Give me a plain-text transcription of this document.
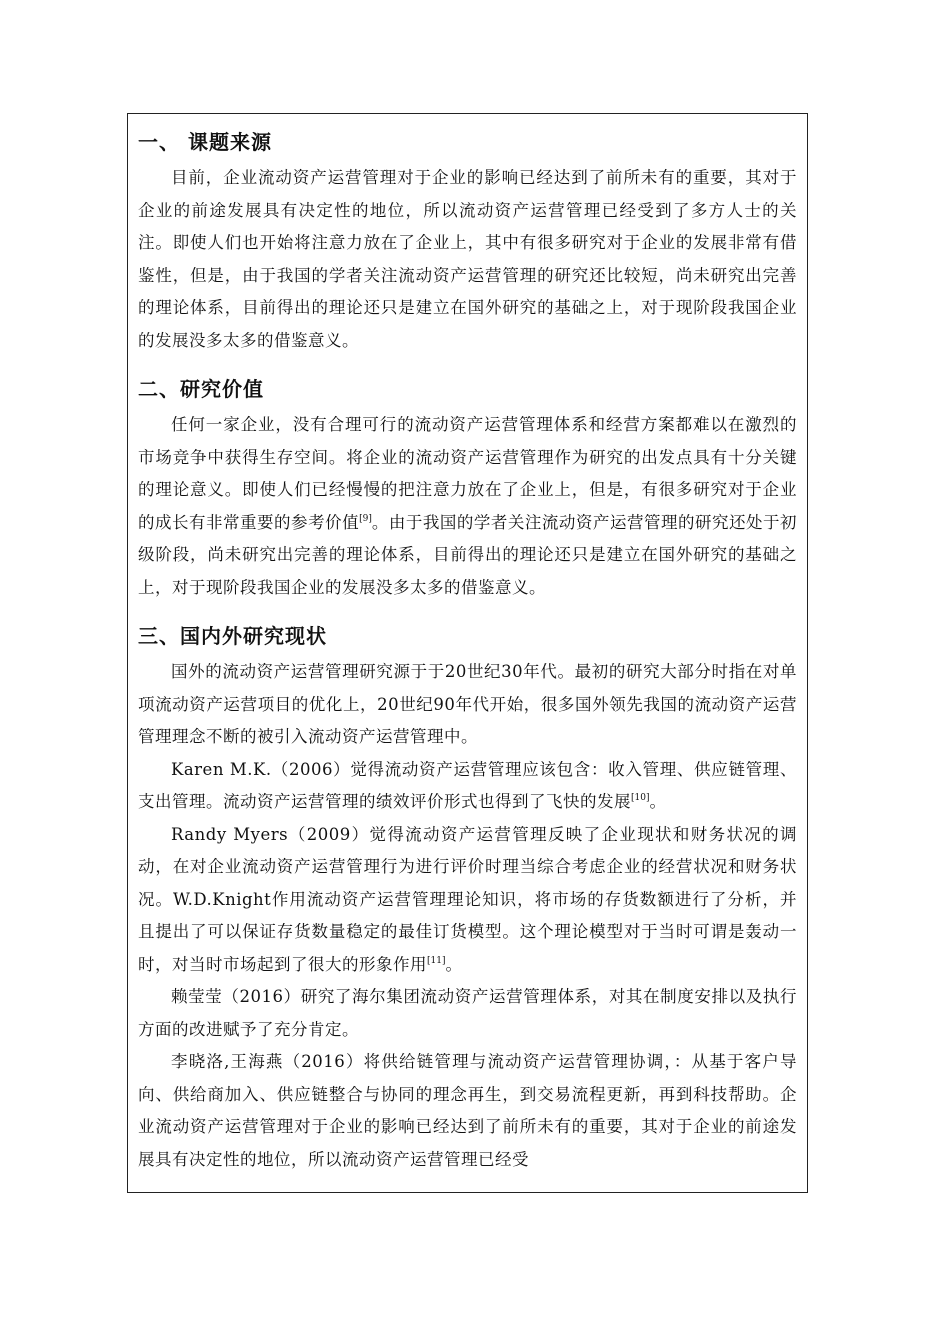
一、 课题来源

目前，企业流动资产运营管理对于企业的影响已经达到了前所未有的重要，其对于企业的前途发展具有决定性的地位，所以流动资产运营管理已经受到了多方人士的关注。即使人们也开始将注意力放在了企业上，其中有很多研究对于企业的发展非常有借鉴性，但是，由于我国的学者关注流动资产运营管理的研究还比较短，尚未研究出完善的理论体系，目前得出的理论还只是建立在国外研究的基础之上，对于现阶段我国企业的发展没多太多的借鉴意义。

二、研究价值

任何一家企业，没有合理可行的流动资产运营管理体系和经营方案都难以在激烈的市场竞争中获得生存空间。将企业的流动资产运营管理作为研究的出发点具有十分关键的理论意义。即使人们已经慢慢的把注意力放在了企业上，但是，有很多研究对于企业的成长有非常重要的参考价值[9]。由于我国的学者关注流动资产运营管理的研究还处于初级阶段，尚未研究出完善的理论体系，目前得出的理论还只是建立在国外研究的基础之上，对于现阶段我国企业的发展没多太多的借鉴意义。

三、国内外研究现状

国外的流动资产运营管理研究源于于20世纪30年代。最初的研究大部分时指在对单项流动资产运营项目的优化上，20世纪90年代开始，很多国外领先我国的流动资产运营管理理念不断的被引入流动资产运营管理中。

Karen M.K.（2006）觉得流动资产运营管理应该包含：收入管理、供应链管理、支出管理。流动资产运营管理的绩效评价形式也得到了飞快的发展[10]。

Randy Myers（2009）觉得流动资产运营管理反映了企业现状和财务状况的调动，在对企业流动资产运营管理行为进行评价时理当综合考虑企业的经营状况和财务状况。W.D.Knight作用流动资产运营管理理论知识，将市场的存货数额进行了分析，并且提出了可以保证存货数量稳定的最佳订货模型。这个理论模型对于当时可谓是轰动一时，对当时市场起到了很大的形象作用[11]。

赖莹莹（2016）研究了海尔集团流动资产运营管理体系，对其在制度安排以及执行方面的改进赋予了充分肯定。

李晓洛,王海燕（2016）将供给链管理与流动资产运营管理协调，：从基于客户导向、供给商加入、供应链整合与协同的理念再生，到交易流程更新，再到科技帮助。企业流动资产运营管理对于企业的影响已经达到了前所未有的重要，其对于企业的前途发展具有决定性的地位，所以流动资产运营管理已经受
